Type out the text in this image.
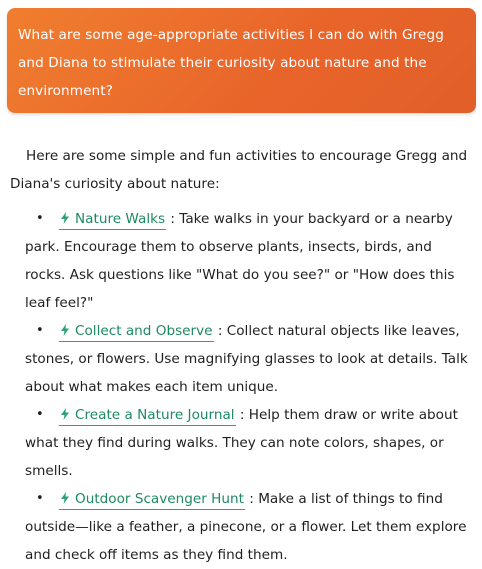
What are some age-appropriate activities I can do with Gregg and Diana to stimulate their curiosity about nature and the environment?

Here are some simple and fun activities to encourage Gregg and Diana's curiosity about nature:

• Nature Walks : Take walks in your backyard or a nearby park. Encourage them to observe plants, insects, birds, and rocks. Ask questions like "What do you see?" or "How does this leaf feel?"
• Collect and Observe : Collect natural objects like leaves, stones, or flowers. Use magnifying glasses to look at details. Talk about what makes each item unique.
• Create a Nature Journal : Help them draw or write about what they find during walks. They can note colors, shapes, or smells.
• Outdoor Scavenger Hunt : Make a list of things to find outside—like a feather, a pinecone, or a flower. Let them explore and check off items as they find them.
